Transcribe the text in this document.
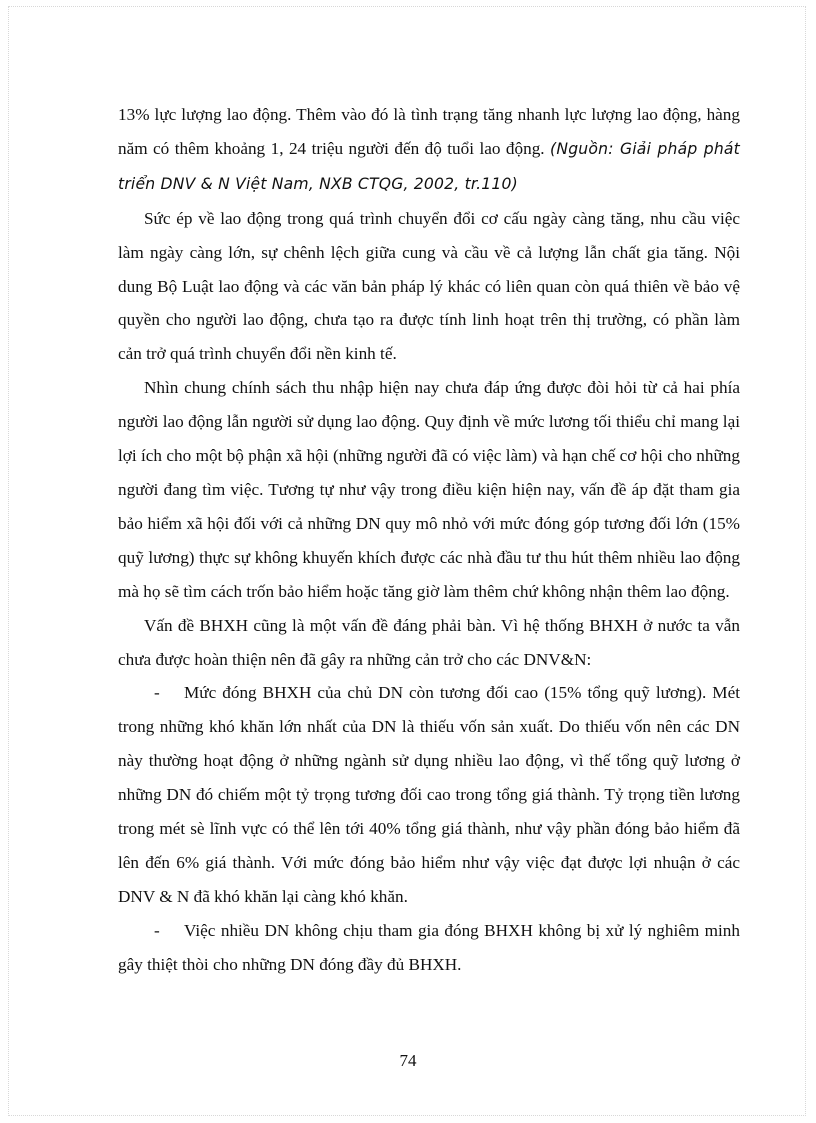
13% lực lượng lao động. Thêm vào đó là tình trạng tăng nhanh lực lượng lao động, hàng năm có thêm khoảng 1, 24 triệu người đến độ tuổi lao động. (Nguồn: Giải pháp phát triển DNV & N Việt Nam, NXB CTQG, 2002, tr.110)

Sức ép về lao động trong quá trình chuyển đổi cơ cấu ngày càng tăng, nhu cầu việc làm ngày càng lớn, sự chênh lệch giữa cung và cầu về cả lượng lẫn chất gia tăng. Nội dung Bộ Luật lao động và các văn bản pháp lý khác có liên quan còn quá thiên về bảo vệ quyền cho người lao động, chưa tạo ra được tính linh hoạt trên thị trường, có phần làm cản trở quá trình chuyển đổi nền kinh tế.

Nhìn chung chính sách thu nhập hiện nay chưa đáp ứng được đòi hỏi từ cả hai phía người lao động lẫn người sử dụng lao động. Quy định về mức lương tối thiểu chỉ mang lại lợi ích cho một bộ phận xã hội (những người đã có việc làm) và hạn chế cơ hội cho những người đang tìm việc. Tương tự như vậy trong điều kiện hiện nay, vấn đề áp đặt tham gia bảo hiểm xã hội đối với cả những DN quy mô nhỏ với mức đóng góp tương đối lớn (15% quỹ lương) thực sự không khuyến khích được các nhà đầu tư thu hút thêm nhiều lao động mà họ sẽ tìm cách trốn bảo hiểm hoặc tăng giờ làm thêm chứ không nhận thêm lao động.

Vấn đề BHXH cũng là một vấn đề đáng phải bàn. Vì hệ thống BHXH ở nước ta vẫn chưa được hoàn thiện nên đã gây ra những cản trở cho các DNV&N:

- Mức đóng BHXH của chủ DN còn tương đối cao (15% tổng quỹ lương). Mét trong những khó khăn lớn nhất của DN là thiếu vốn sản xuất. Do thiếu vốn nên các DN này thường hoạt động ở những ngành sử dụng nhiều lao động, vì thế tổng quỹ lương ở những DN đó chiếm một tỷ trọng tương đối cao trong tổng giá thành. Tỷ trọng tiền lương trong mét sè lĩnh vực có thể lên tới 40% tổng giá thành, như vậy phần đóng bảo hiểm đã lên đến 6% giá thành. Với mức đóng bảo hiểm như vậy việc đạt được lợi nhuận ở các DNV & N đã khó khăn lại càng khó khăn.

- Việc nhiều DN không chịu tham gia đóng BHXH không bị xử lý nghiêm minh gây thiệt thòi cho những DN đóng đầy đủ BHXH.

74
